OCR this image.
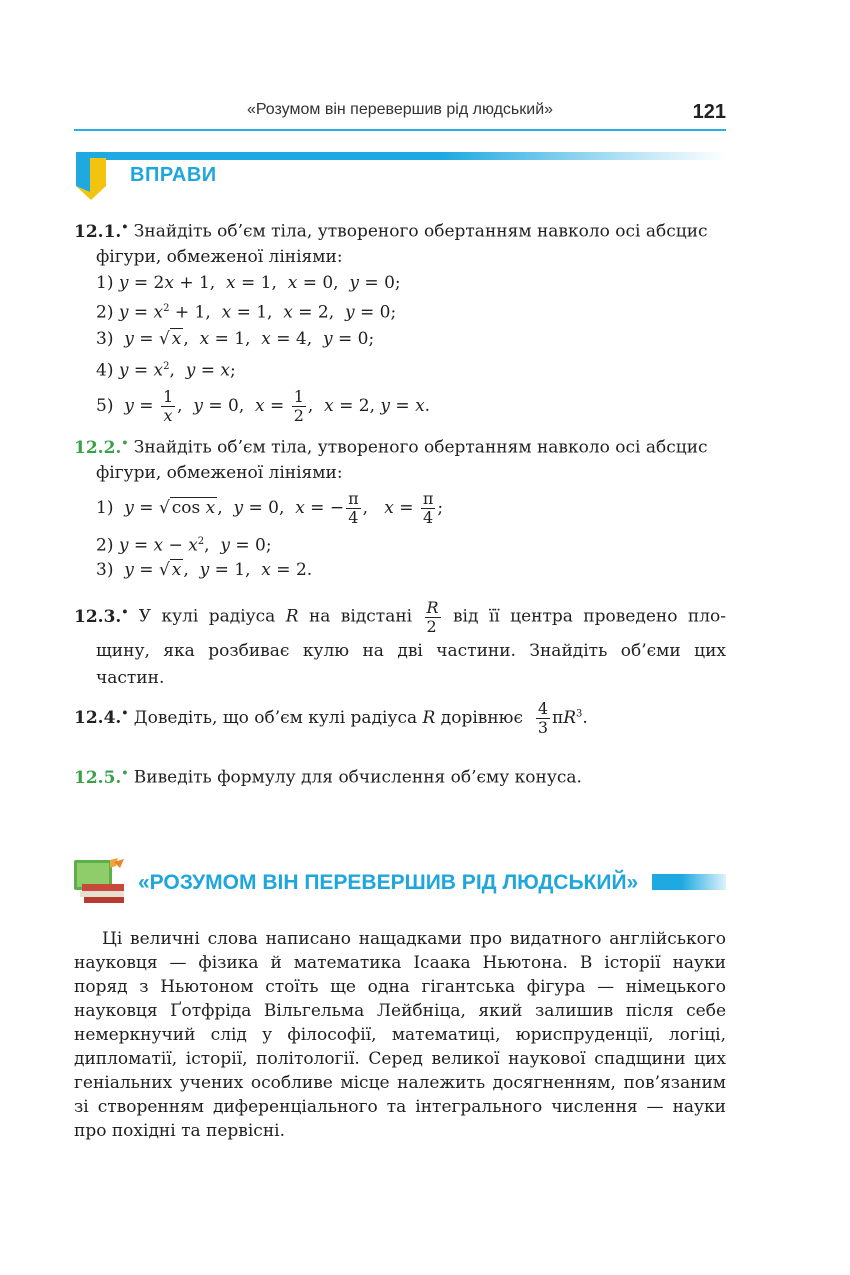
«Розумом він перевершив рід людський»	121
ВПРАВИ
12.1.• Знайдіть об’єм тіла, утвореного обертанням навколо осі абсцис
фігури, обмеженої лініями:
1) y = 2x + 1,  x = 1,  x = 0,  y = 0;
2) $y = x^2 + 1$,  x = 1,  x = 2,  y = 0;
3)  y = √ x ,  x = 1,  x = 4,  y = 0;
4) $y = x^2$,  y = x;
5)  $y = \frac{1}{x}$ ,  y = 0,  $x = \frac{1}{2}$ ,  x = 2, y = x.
12.2.• Знайдіть об’єм тіла, утвореного обертанням навколо осі абсцис
фігури, обмеженої лініями:
1)  y = √ cos x ,  y = 0,  x = − $\frac{\pi}{4}$ ,   $x = \frac{\pi}{4}$ ;
2) $y = x - x^2$,  y = 0;
3)  y = √ x ,  y = 1,  x = 2.
12.3.• У кулі радіуса R на відстані $\frac{R}{2}$ від її центра проведено пло-
щину, яка розбиває кулю на дві частини. Знайдіть об’єми цих частин.
12.4.• Доведіть, що об’єм кулі радіуса R дорівнює $\frac{4}{3} \pi R^3$.
12.5.• Виведіть формулу для обчислення об’єму конуса.
«РОЗУМОМ ВІН ПЕРЕВЕРШИВ РІД ЛЮДСЬКИЙ»
Ці величні слова написано нащадками про видатного англійського науковця — фізика й математика Ісаака Ньютона. В історії науки поряд з Ньютоном стоїть ще одна гігантська фігура — німецького науковця Ґотфріда Вільгельма Лейбніца, який залишив після себе немеркнучий слід у філософії, математиці, юриспруденції, логіці, дипломатії, історії, політології. Серед великої наукової спадщини цих геніальних учених особливе місце належить досягненням, пов’язаним зі створенням диференціального та інтегрального числення — науки про похідні та первісні.
